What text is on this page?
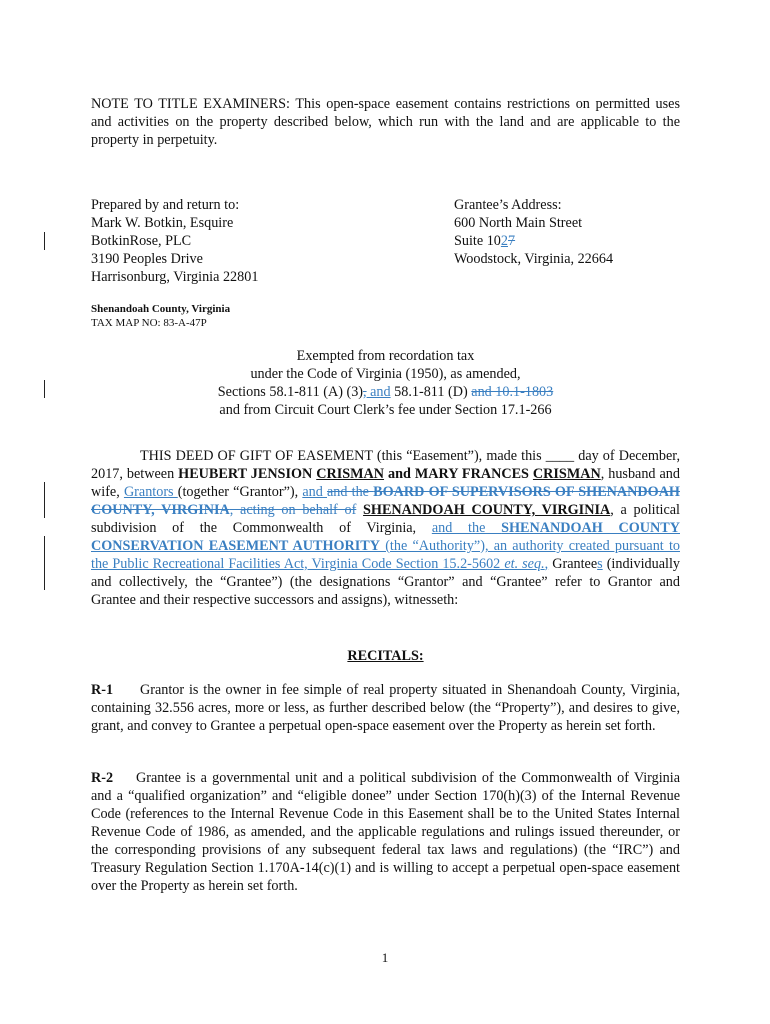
NOTE TO TITLE EXAMINERS: This open-space easement contains restrictions on permitted uses and activities on the property described below, which run with the land and are applicable to the property in perpetuity.

Prepared by and return to:
Mark W. Botkin, Esquire
BotkinRose, PLC
3190 Peoples Drive
Harrisonburg, Virginia 22801
Grantee’s Address:
600 North Main Street
Suite 1027
Woodstock, Virginia, 22664
Shenandoah County, Virginia
TAX MAP NO: 83-A-47P
Exempted from recordation tax
under the Code of Virginia (1950), as amended,
Sections 58.1-811 (A) (3), and 58.1-811 (D) and 10.1-1803
and from Circuit Court Clerk’s fee under Section 17.1-266

THIS DEED OF GIFT OF EASEMENT (this “Easement”), made this ____ day of December, 2017, between HEUBERT JENSION CRISMAN and MARY FRANCES CRISMAN, husband and wife, Grantors (together “Grantor”), and and the BOARD OF SUPERVISORS OF SHENANDOAH COUNTY, VIRGINIA, acting on behalf of SHENANDOAH COUNTY, VIRGINIA, a political subdivision of the Commonwealth of Virginia, and the SHENANDOAH COUNTY CONSERVATION EASEMENT AUTHORITY (the “Authority”), an authority created pursuant to the Public Recreational Facilities Act, Virginia Code Section 15.2-5602 et. seq., Grantees (individually and collectively, the “Grantee”) (the designations “Grantor” and “Grantee” refer to Grantor and Grantee and their respective successors and assigns), witnesseth:

RECITALS:

R-1 Grantor is the owner in fee simple of real property situated in Shenandoah County, Virginia, containing 32.556 acres, more or less, as further described below (the “Property”), and desires to give, grant, and convey to Grantee a perpetual open-space easement over the Property as herein set forth.

R-2 Grantee is a governmental unit and a political subdivision of the Commonwealth of Virginia and a “qualified organization” and “eligible donee” under Section 170(h)(3) of the Internal Revenue Code (references to the Internal Revenue Code in this Easement shall be to the United States Internal Revenue Code of 1986, as amended, and the applicable regulations and rulings issued thereunder, or the corresponding provisions of any subsequent federal tax laws and regulations) (the “IRC”) and Treasury Regulation Section 1.170A-14(c)(1) and is willing to accept a perpetual open-space easement over the Property as herein set forth.

1
